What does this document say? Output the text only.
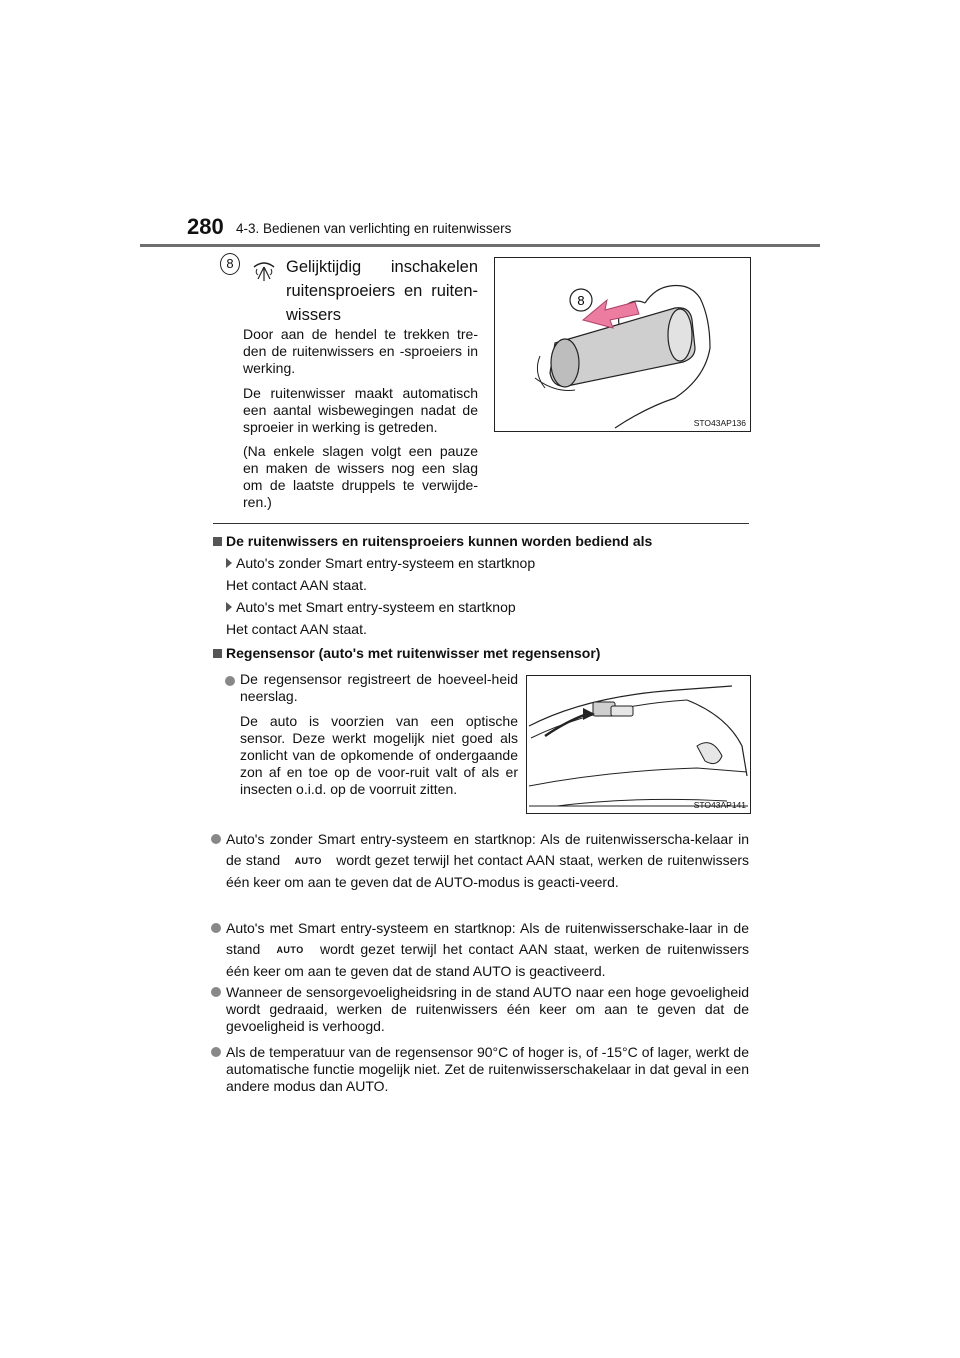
280 4-3. Bedienen van verlichting en ruitenwissers
8	Gelijktijdig inschakelen ruitensproeiers en ruiten-wissers
Door aan de hendel te trekken tre-den de ruitenwissers en -sproeiers in werking.
De ruitenwisser maakt automatisch een aantal wisbewegingen nadat de sproeier in werking is getreden.
(Na enkele slagen volgt een pauze en maken de wissers nog een slag om de laatste druppels te verwijde-ren.)
8
STO43AP136
De ruitenwissers en ruitensproeiers kunnen worden bediend als
Auto's zonder Smart entry-systeem en startknop
Het contact AAN staat.
Auto's met Smart entry-systeem en startknop
Het contact AAN staat.
Regensensor (auto's met ruitenwisser met regensensor)
De regensensor registreert de hoeveel-heid neerslag.
De auto is voorzien van een optische sensor. Deze werkt mogelijk niet goed als zonlicht van de opkomende of ondergaande zon af en toe op de voor-ruit valt of als er insecten o.i.d. op de voorruit zitten.
STO43AP141
Auto's zonder Smart entry-systeem en startknop: Als de ruitenwisserscha-kelaar in de stand AUTO wordt gezet terwijl het contact AAN staat, werken de ruitenwissers één keer om aan te geven dat de AUTO-modus is geacti-veerd.
Auto's met Smart entry-systeem en startknop: Als de ruitenwisserschake-laar in de stand AUTO wordt gezet terwijl het contact AAN staat, werken de ruitenwissers één keer om aan te geven dat de stand AUTO is geactiveerd.
Wanneer de sensorgevoeligheidsring in de stand AUTO naar een hoge gevoeligheid wordt gedraaid, werken de ruitenwissers één keer om aan te geven dat de gevoeligheid is verhoogd.
Als de temperatuur van de regensensor 90°C of hoger is, of -15°C of lager, werkt de automatische functie mogelijk niet. Zet de ruitenwisserschakelaar in dat geval in een andere modus dan AUTO.
